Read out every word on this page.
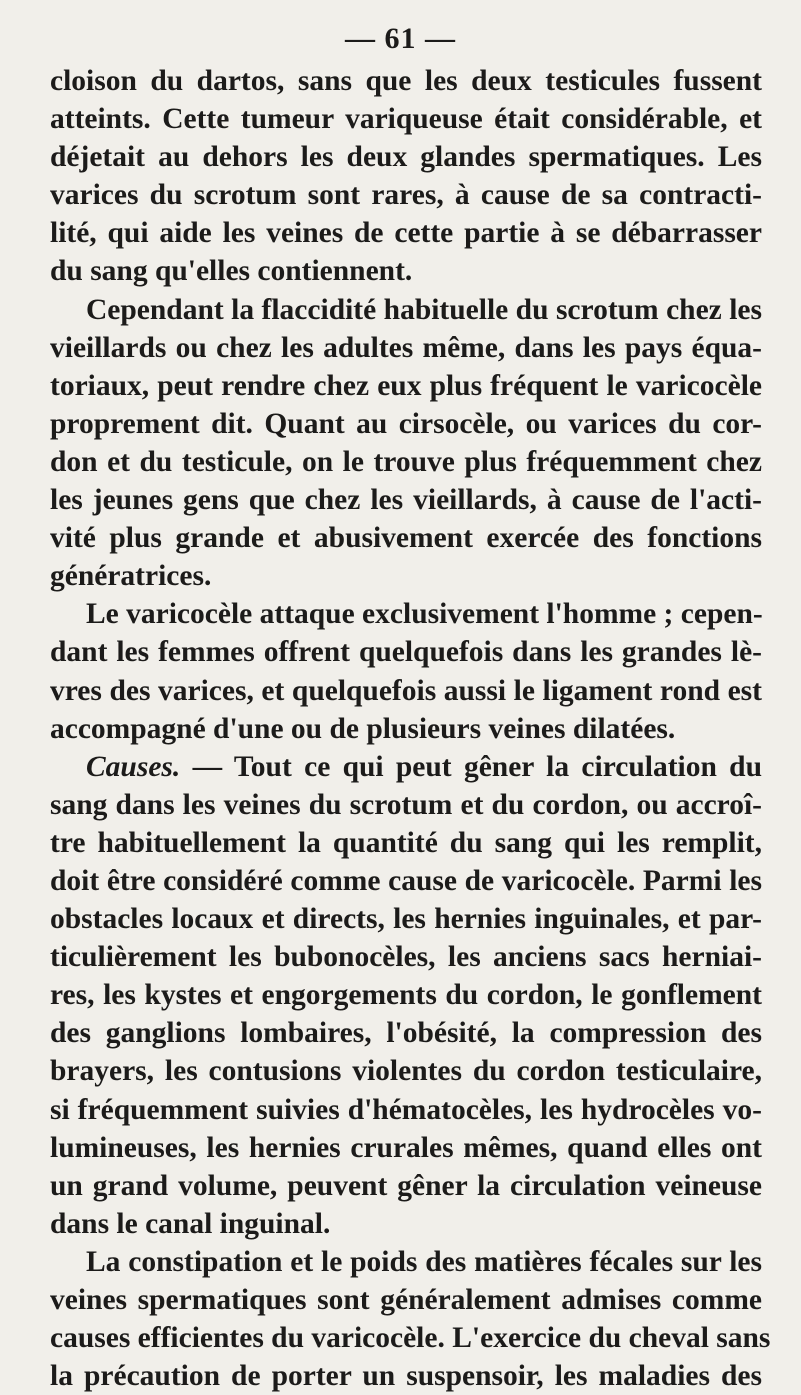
— 61 —
cloison du dartos, sans que les deux testicules fussent
atteints. Cette tumeur variqueuse était considérable, et
déjetait au dehors les deux glandes spermatiques. Les
varices du scrotum sont rares, à cause de sa contracti-
lité, qui aide les veines de cette partie à se débarrasser
du sang qu'elles contiennent.
Cependant la flaccidité habituelle du scrotum chez les
vieillards ou chez les adultes même, dans les pays équa-
toriaux, peut rendre chez eux plus fréquent le varicocèle
proprement dit. Quant au cirsocèle, ou varices du cor-
don et du testicule, on le trouve plus fréquemment chez
les jeunes gens que chez les vieillards, à cause de l'acti-
vité plus grande et abusivement exercée des fonctions
génératrices.
Le varicocèle attaque exclusivement l'homme ; cepen-
dant les femmes offrent quelquefois dans les grandes lè-
vres des varices, et quelquefois aussi le ligament rond est
accompagné d'une ou de plusieurs veines dilatées.
Causes. — Tout ce qui peut gêner la circulation du
sang dans les veines du scrotum et du cordon, ou accroî-
tre habituellement la quantité du sang qui les remplit,
doit être considéré comme cause de varicocèle. Parmi les
obstacles locaux et directs, les hernies inguinales, et par-
ticulièrement les bubonocèles, les anciens sacs herniai-
res, les kystes et engorgements du cordon, le gonflement
des ganglions lombaires, l'obésité, la compression des
brayers, les contusions violentes du cordon testiculaire,
si fréquemment suivies d'hématocèles, les hydrocèles vo-
lumineuses, les hernies crurales mêmes, quand elles ont
un grand volume, peuvent gêner la circulation veineuse
dans le canal inguinal.
La constipation et le poids des matières fécales sur les
veines spermatiques sont généralement admises comme
causes efficientes du varicocèle. L'exercice du cheval sans
la précaution de porter un suspensoir, les maladies des
